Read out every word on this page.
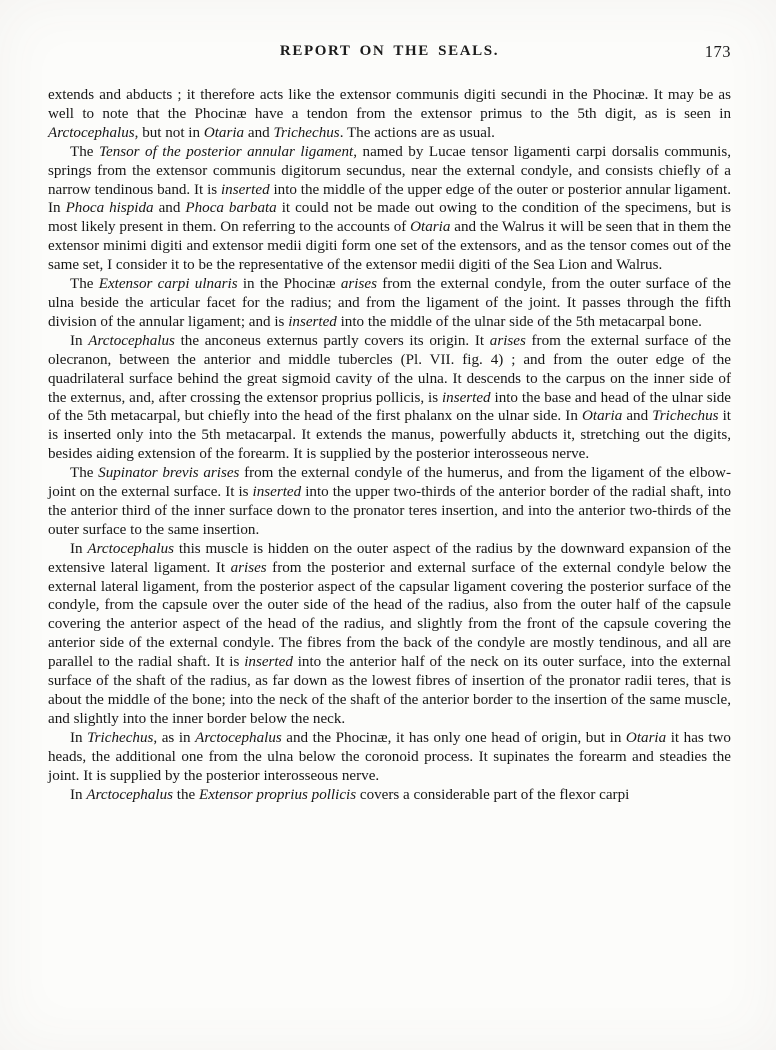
REPORT ON THE SEALS.	173

extends and abducts ; it therefore acts like the extensor communis digiti secundi in the Phocinæ. It may be as well to note that the Phocinæ have a tendon from the extensor primus to the 5th digit, as is seen in Arctocephalus, but not in Otaria and Trichechus. The actions are as usual.

The Tensor of the posterior annular ligament, named by Lucae tensor ligamenti carpi dorsalis communis, springs from the extensor communis digitorum secundus, near the external condyle, and consists chiefly of a narrow tendinous band. It is inserted into the middle of the upper edge of the outer or posterior annular ligament. In Phoca hispida and Phoca barbata it could not be made out owing to the condition of the specimens, but is most likely present in them. On referring to the accounts of Otaria and the Walrus it will be seen that in them the extensor minimi digiti and extensor medii digiti form one set of the extensors, and as the tensor comes out of the same set, I consider it to be the representative of the extensor medii digiti of the Sea Lion and Walrus.

The Extensor carpi ulnaris in the Phocinæ arises from the external condyle, from the outer surface of the ulna beside the articular facet for the radius; and from the ligament of the joint. It passes through the fifth division of the annular ligament; and is inserted into the middle of the ulnar side of the 5th metacarpal bone.

In Arctocephalus the anconeus externus partly covers its origin. It arises from the external surface of the olecranon, between the anterior and middle tubercles (Pl. VII. fig. 4) ; and from the outer edge of the quadrilateral surface behind the great sigmoid cavity of the ulna. It descends to the carpus on the inner side of the externus, and, after crossing the extensor proprius pollicis, is inserted into the base and head of the ulnar side of the 5th metacarpal, but chiefly into the head of the first phalanx on the ulnar side. In Otaria and Trichechus it is inserted only into the 5th metacarpal. It extends the manus, powerfully abducts it, stretching out the digits, besides aiding extension of the forearm. It is supplied by the posterior interosseous nerve.

The Supinator brevis arises from the external condyle of the humerus, and from the ligament of the elbow-joint on the external surface. It is inserted into the upper two-thirds of the anterior border of the radial shaft, into the anterior third of the inner surface down to the pronator teres insertion, and into the anterior two-thirds of the outer surface to the same insertion.

In Arctocephalus this muscle is hidden on the outer aspect of the radius by the downward expansion of the extensive lateral ligament. It arises from the posterior and external surface of the external condyle below the external lateral ligament, from the posterior aspect of the capsular ligament covering the posterior surface of the condyle, from the capsule over the outer side of the head of the radius, also from the outer half of the capsule covering the anterior aspect of the head of the radius, and slightly from the front of the capsule covering the anterior side of the external condyle. The fibres from the back of the condyle are mostly tendinous, and all are parallel to the radial shaft. It is inserted into the anterior half of the neck on its outer surface, into the external surface of the shaft of the radius, as far down as the lowest fibres of insertion of the pronator radii teres, that is about the middle of the bone; into the neck of the shaft of the anterior border to the insertion of the same muscle, and slightly into the inner border below the neck.

In Trichechus, as in Arctocephalus and the Phocinæ, it has only one head of origin, but in Otaria it has two heads, the additional one from the ulna below the coronoid process. It supinates the forearm and steadies the joint. It is supplied by the posterior interosseous nerve.

In Arctocephalus the Extensor proprius pollicis covers a considerable part of the flexor carpi
